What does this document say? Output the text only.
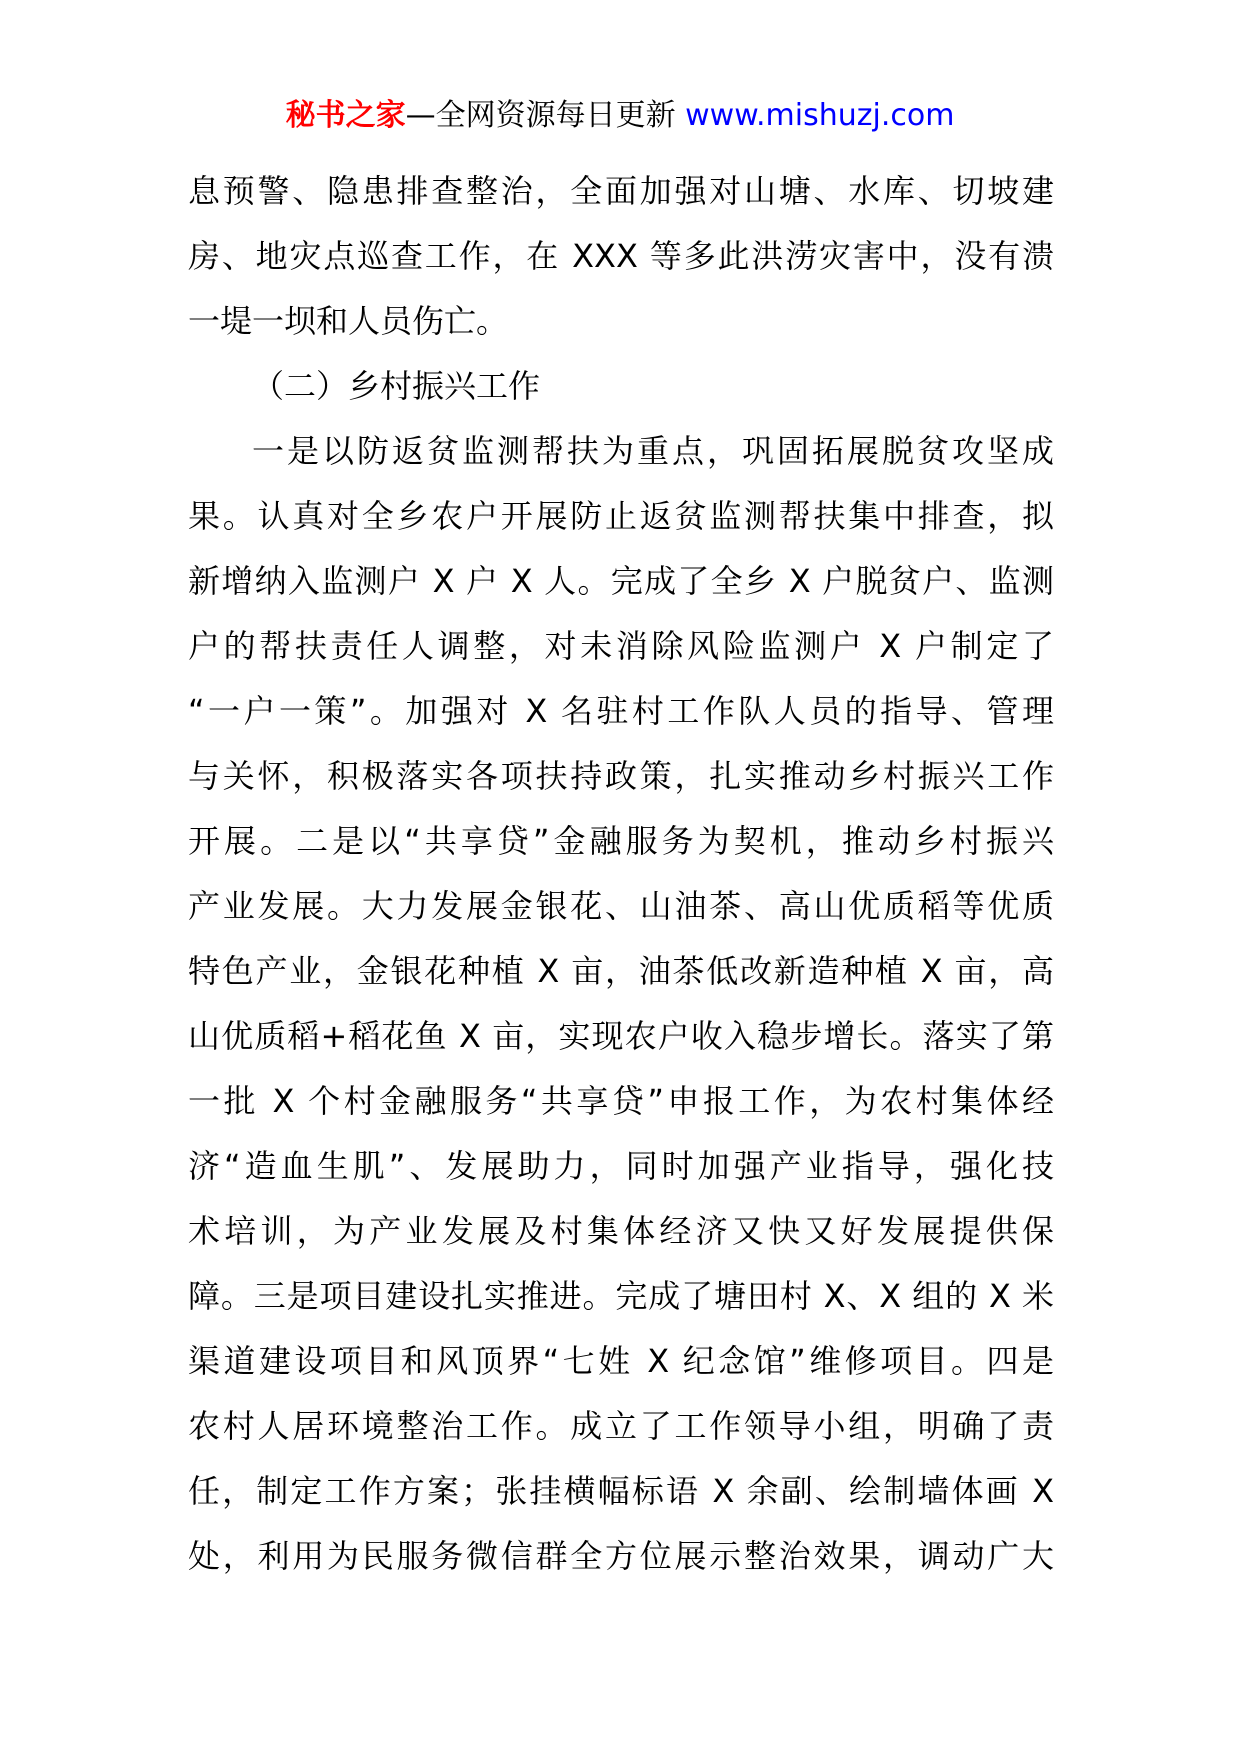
秘书之家—全网资源每日更新 www.mishuzj.com
息预警、隐患排查整治，全面加强对山塘、水库、切坡建
房、地灾点巡查工作，在 XXX 等多此洪涝灾害中，没有溃
一堤一坝和人员伤亡。
（二）乡村振兴工作
一是以防返贫监测帮扶为重点，巩固拓展脱贫攻坚成
果。认真对全乡农户开展防止返贫监测帮扶集中排查，拟
新增纳入监测户 X 户 X 人。完成了全乡 X 户脱贫户、监测
户的帮扶责任人调整，对未消除风险监测户 X 户制定了
“一户一策”。加强对 X 名驻村工作队人员的指导、管理
与关怀，积极落实各项扶持政策，扎实推动乡村振兴工作
开展。二是以“共享贷”金融服务为契机，推动乡村振兴
产业发展。大力发展金银花、山油茶、高山优质稻等优质
特色产业，金银花种植 X 亩，油茶低改新造种植 X 亩，高
山优质稻+稻花鱼 X 亩，实现农户收入稳步增长。落实了第
一批 X 个村金融服务“共享贷”申报工作，为农村集体经
济“造血生肌”、发展助力，同时加强产业指导，强化技
术培训，为产业发展及村集体经济又快又好发展提供保
障。三是项目建设扎实推进。完成了塘田村 X、X 组的 X 米
渠道建设项目和风顶界“七姓 X 纪念馆”维修项目。四是
农村人居环境整治工作。成立了工作领导小组，明确了责
任，制定工作方案；张挂横幅标语 X 余副、绘制墙体画 X
处，利用为民服务微信群全方位展示整治效果，调动广大
